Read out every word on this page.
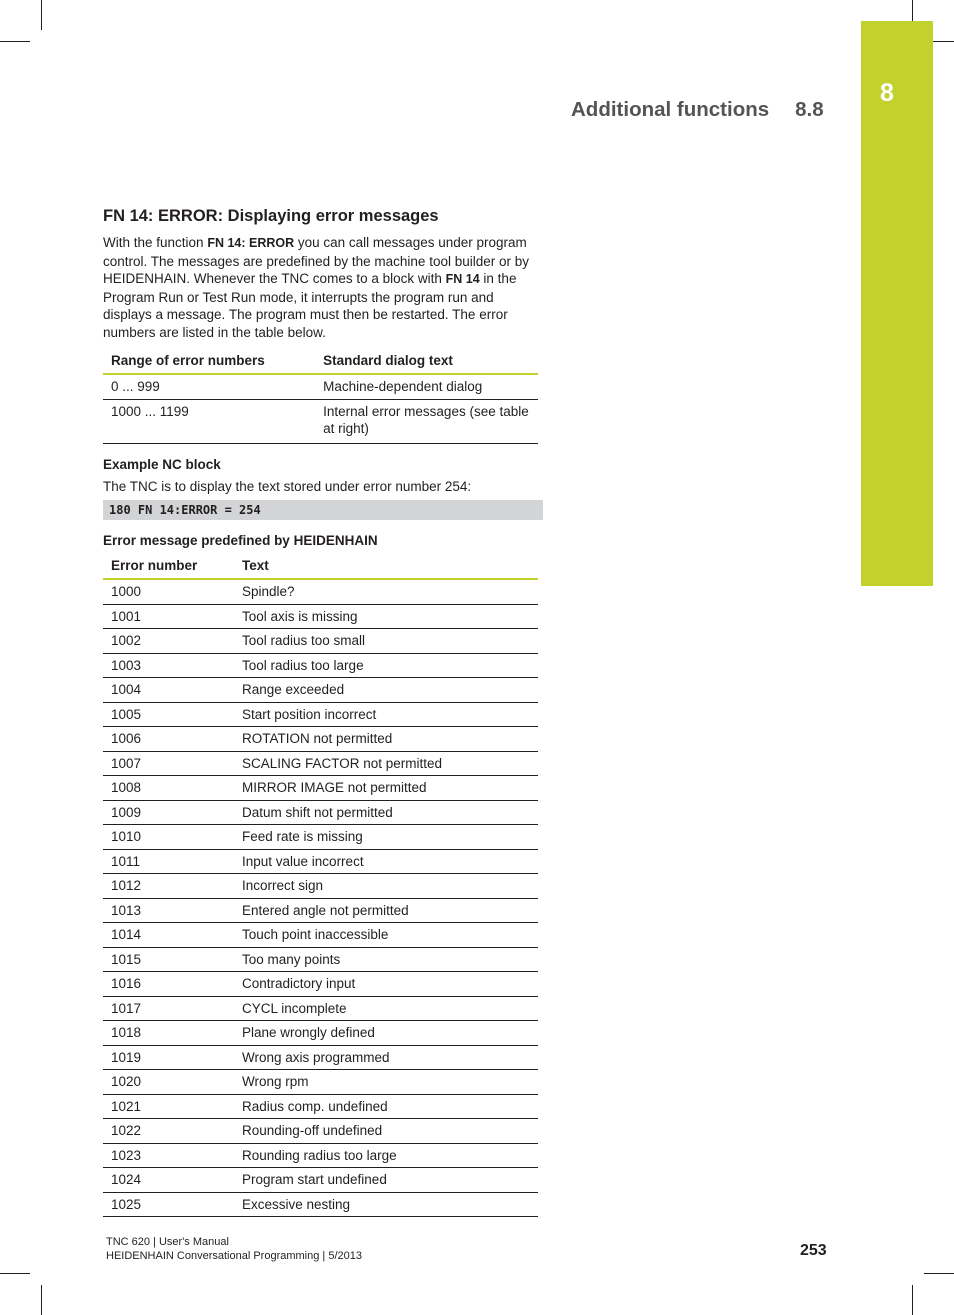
8
Additional functions 8.8
FN 14: ERROR: Displaying error messages

With the function FN 14: ERROR you can call messages under program control. The messages are predefined by the machine tool builder or by HEIDENHAIN. Whenever the TNC comes to a block with FN 14 in the Program Run or Test Run mode, it interrupts the program run and displays a message. The program must then be restarted. The error numbers are listed in the table below.

Range of error numbers	Standard dialog text
0 ... 999	Machine-dependent dialog
1000 ... 1199	Internal error messages (see table at right)
Example NC block

The TNC is to display the text stored under error number 254:

180 FN 14:ERROR = 254
Error message predefined by HEIDENHAIN
Error number	Text
1000	Spindle?
1001	Tool axis is missing
1002	Tool radius too small
1003	Tool radius too large
1004	Range exceeded
1005	Start position incorrect
1006	ROTATION not permitted
1007	SCALING FACTOR not permitted
1008	MIRROR IMAGE not permitted
1009	Datum shift not permitted
1010	Feed rate is missing
1011	Input value incorrect
1012	Incorrect sign
1013	Entered angle not permitted
1014	Touch point inaccessible
1015	Too many points
1016	Contradictory input
1017	CYCL incomplete
1018	Plane wrongly defined
1019	Wrong axis programmed
1020	Wrong rpm
1021	Radius comp. undefined
1022	Rounding-off undefined
1023	Rounding radius too large
1024	Program start undefined
1025	Excessive nesting
TNC 620 | User's Manual
HEIDENHAIN Conversational Programming | 5/2013	253
